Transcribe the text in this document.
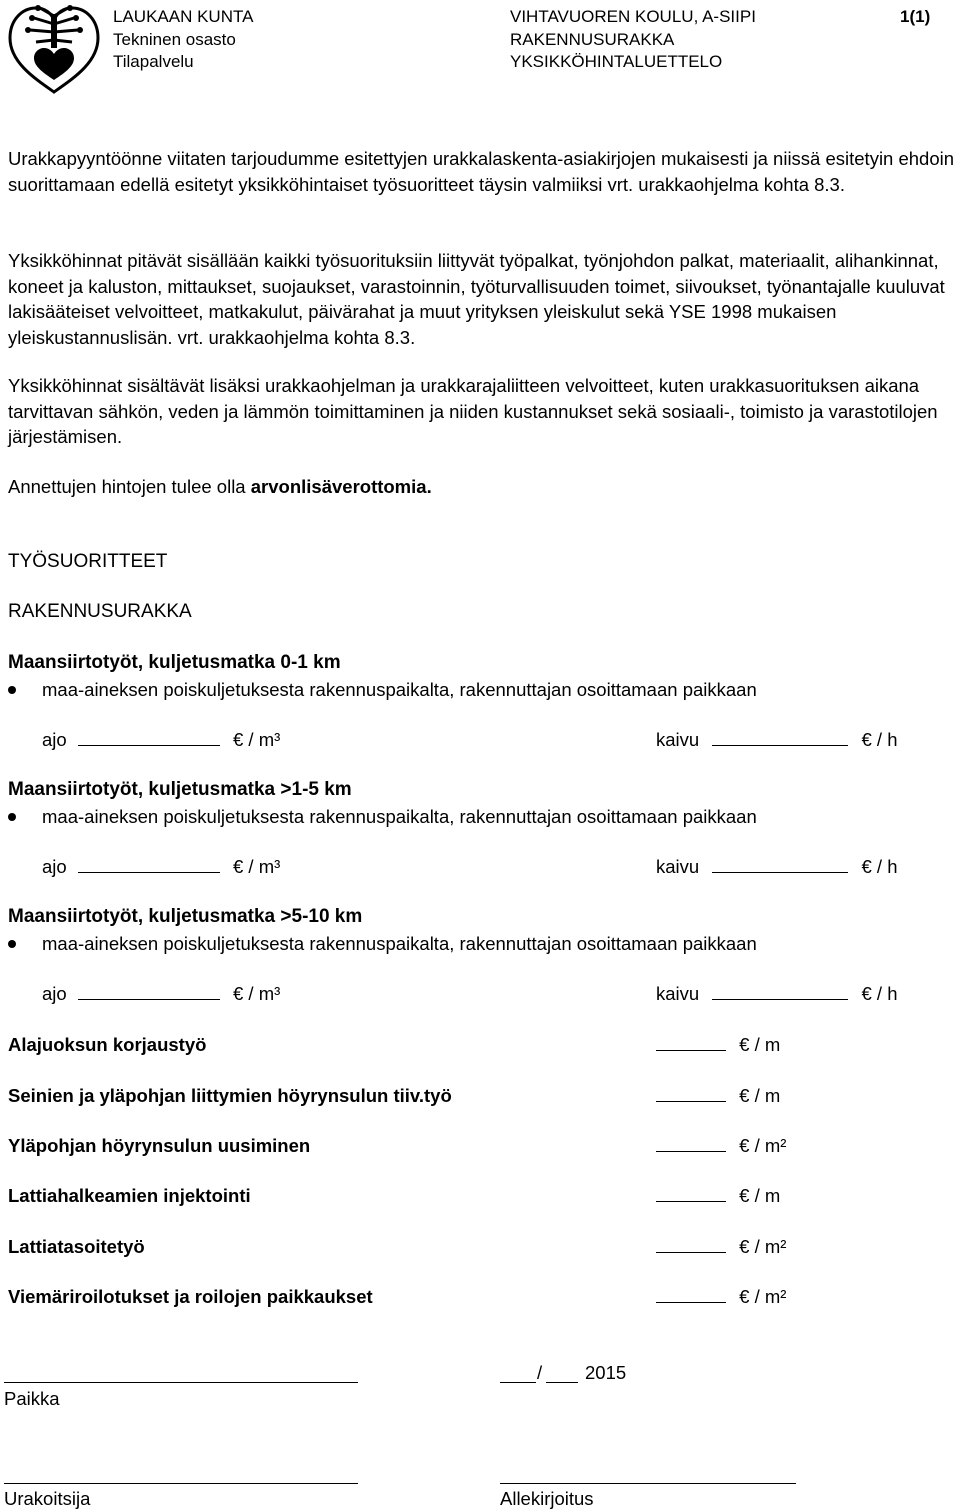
LAUKAAN KUNTA
Tekninen osasto
Tilapalvelu
VIHTAVUOREN KOULU, A-SIIPI
RAKENNUSURAKKA
YKSIKKÖHINTALUETTELO
1(1)
Urakkapyyntöönne viitaten tarjoudumme esitettyjen urakkalaskenta-asiakirjojen mukaisesti ja niissä esitetyin ehdoin suorittamaan edellä esitetyt yksikköhintaiset työsuoritteet täysin valmiiksi vrt. urakkaohjelma kohta 8.3.
Yksikköhinnat pitävät sisällään kaikki työsuorituksiin liittyvät työpalkat, työnjohdon palkat, materiaalit, alihankinnat, koneet ja kaluston, mittaukset, suojaukset, varastoinnin, työturvallisuuden toimet, siivoukset, työnantajalle kuuluvat lakisääteiset velvoitteet, matkakulut, päivärahat ja muut yrityksen yleiskulut sekä YSE 1998 mukaisen yleiskustannuslisän. vrt. urakkaohjelma kohta 8.3.
Yksikköhinnat sisältävät lisäksi urakkaohjelman ja urakkarajaliitteen velvoitteet, kuten urakkasuorituksen aikana tarvittavan sähkön, veden ja lämmön toimittaminen ja niiden kustannukset sekä sosiaali-, toimisto ja varastotilojen järjestämisen.
Annettujen hintojen tulee olla arvonlisäverottomia.
TYÖSUORITTEET
RAKENNUSURAKKA
Maansiirtotyöt, kuljetusmatka 0-1 km
maa-aineksen poiskuljetuksesta rakennuspaikalta, rakennuttajan osoittamaan paikkaan
ajo	€ / m³	kaivu	€ / h
Maansiirtotyöt, kuljetusmatka >1-5 km
maa-aineksen poiskuljetuksesta rakennuspaikalta, rakennuttajan osoittamaan paikkaan
ajo	€ / m³	kaivu	€ / h
Maansiirtotyöt, kuljetusmatka >5-10 km
maa-aineksen poiskuljetuksesta rakennuspaikalta, rakennuttajan osoittamaan paikkaan
ajo	€ / m³	kaivu	€ / h
Alajuoksun korjaustyö	€ / m
Seinien ja yläpohjan liittymien höyrynsulun tiiv.työ	€ / m
Yläpohjan höyrynsulun uusiminen	€ / m²
Lattiahalkeamien injektointi	€ / m
Lattiatasoitetyö	€ / m²
Viemäriroilotukset ja roilojen paikkaukset	€ / m²
Paikka
/ 2015
Urakoitsija	Allekirjoitus
